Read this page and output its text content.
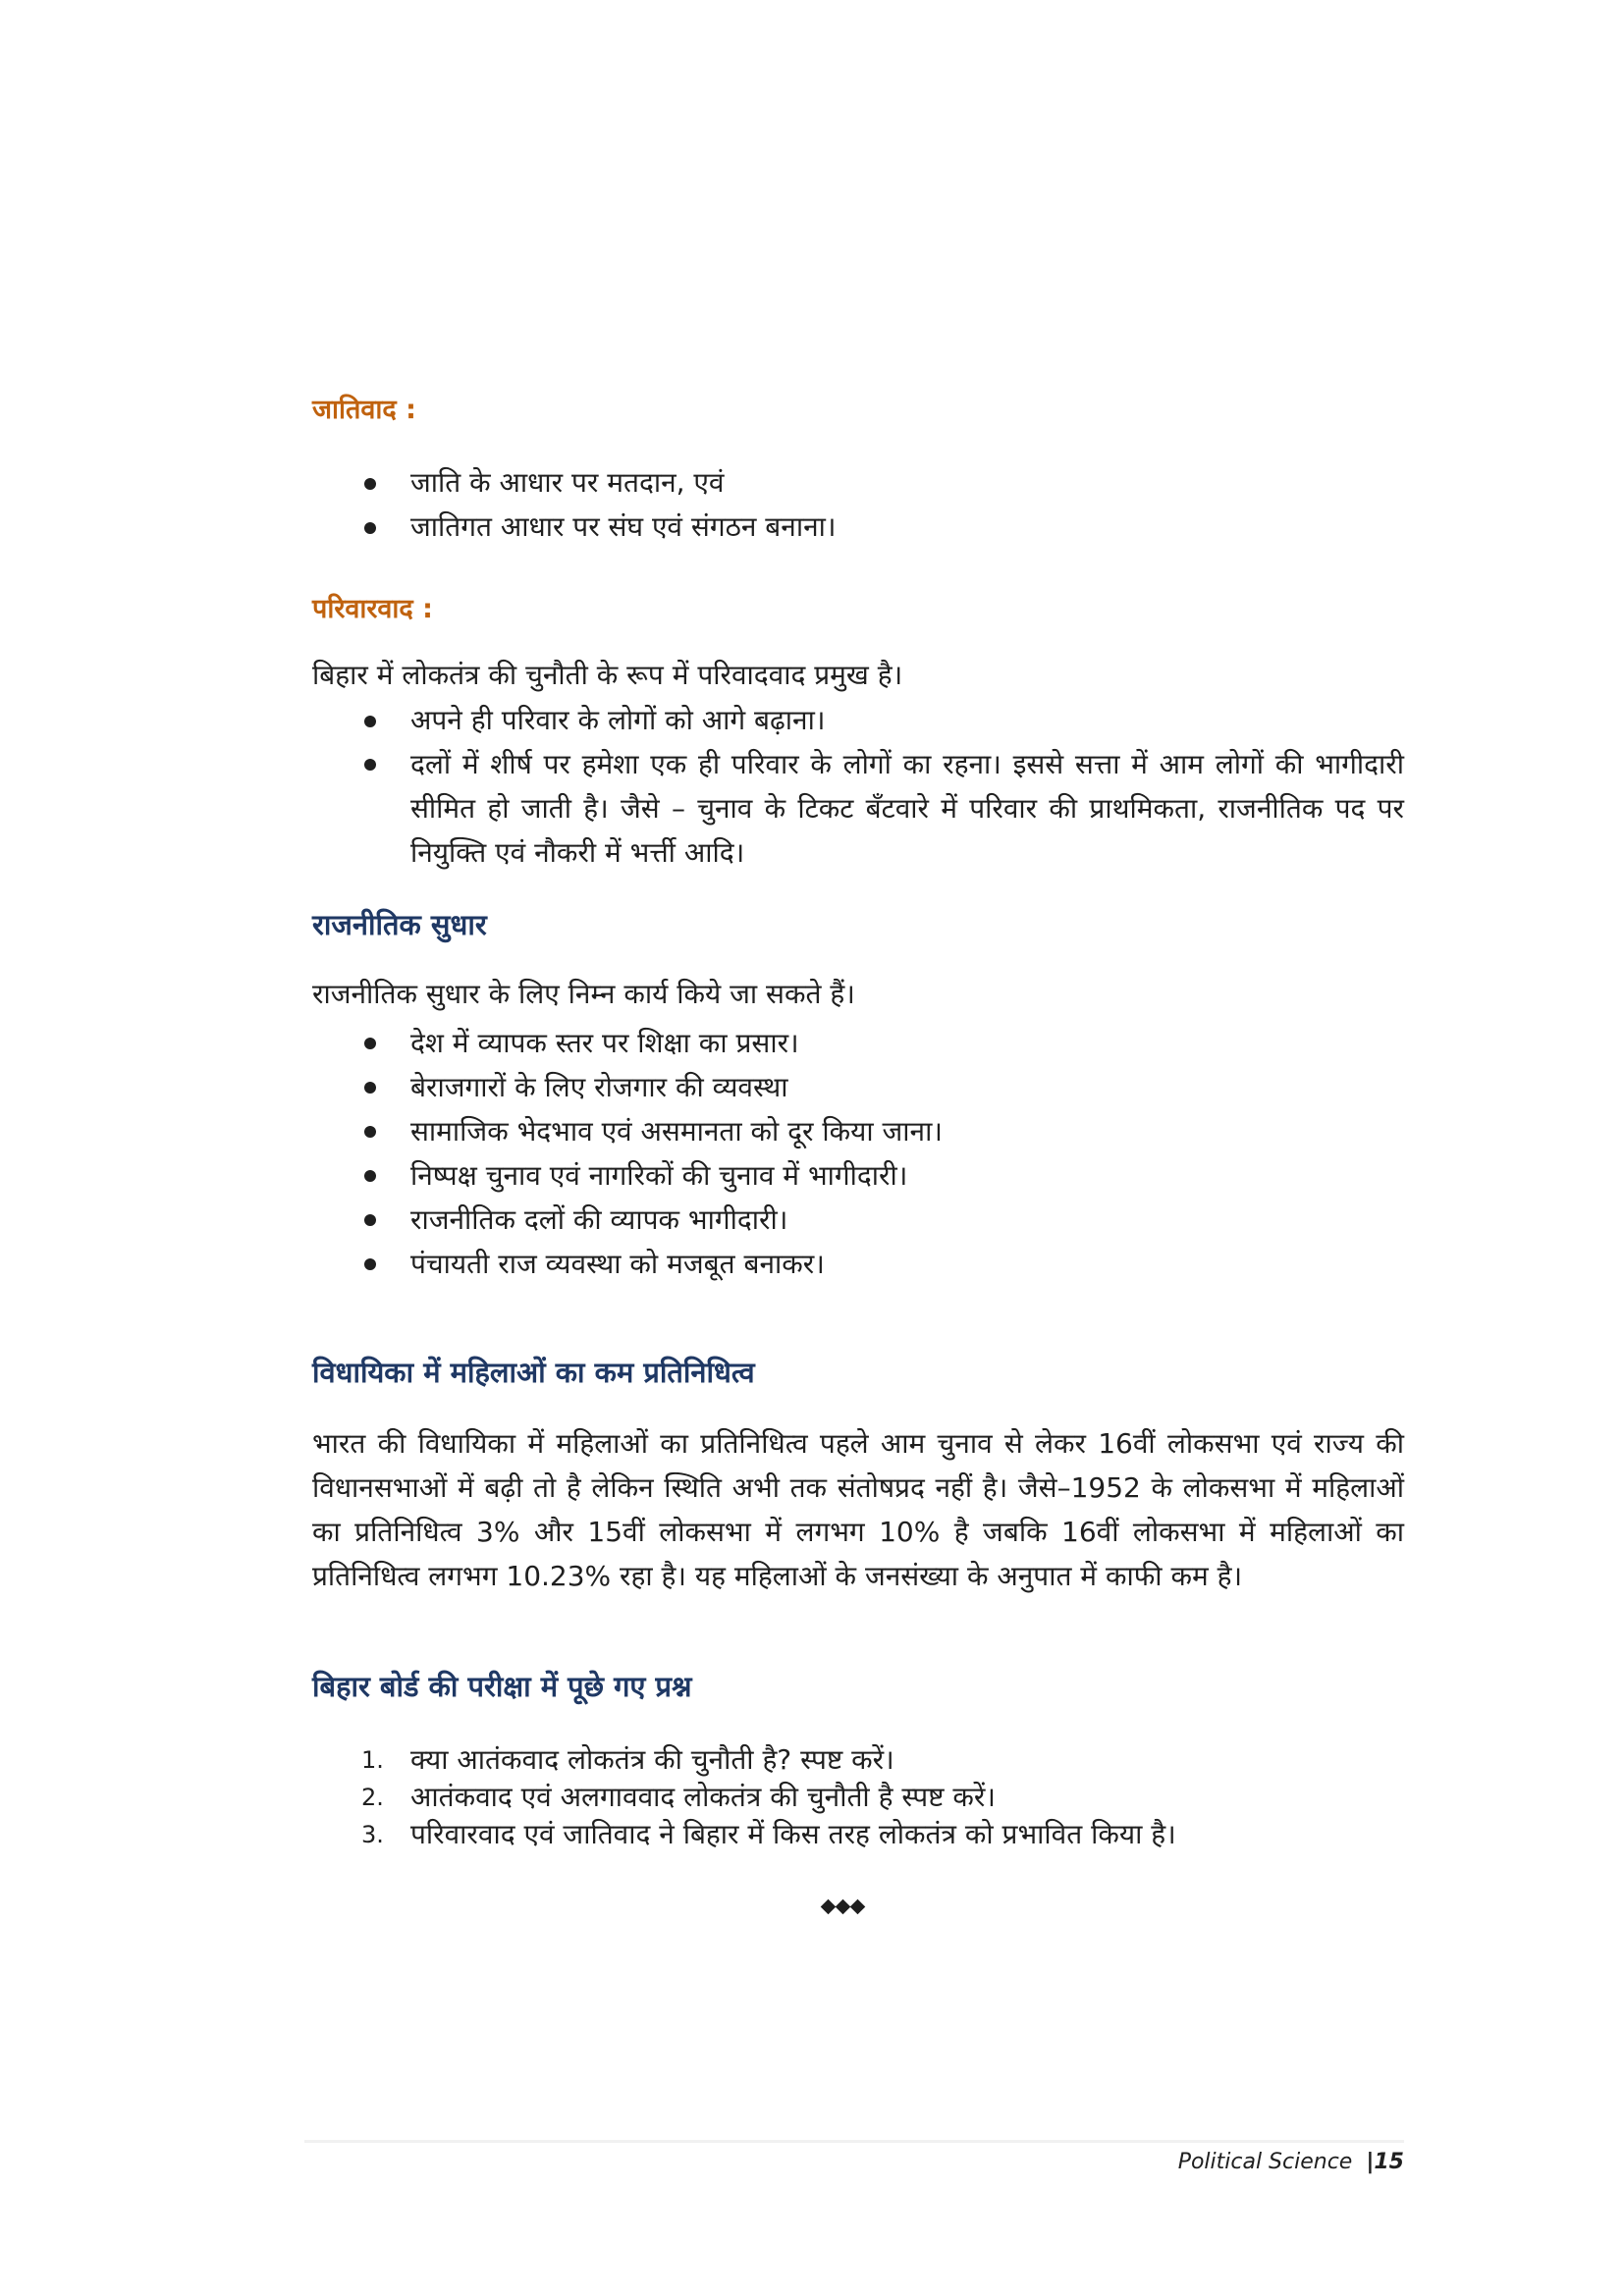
जातिवाद :
जाति के आधार पर मतदान, एवं
जातिगत आधार पर संघ एवं संगठन बनाना।
परिवारवाद :

बिहार में लोकतंत्र की चुनौती के रूप में परिवादवाद प्रमुख है।

अपने ही परिवार के लोगों को आगे बढ़ाना।
दलों में शीर्ष पर हमेशा एक ही परिवार के लोगों का रहना। इससे सत्ता में आम लोगों की भागीदारी सीमित हो जाती है। जैसे – चुनाव के टिकट बँटवारे में परिवार की प्राथमिकता, राजनीतिक पद पर नियुक्ति एवं नौकरी में भर्त्ती आदि।
राजनीतिक सुधार

राजनीतिक सुधार के लिए निम्न कार्य किये जा सकते हैं।

देश में व्यापक स्तर पर शिक्षा का प्रसार।
बेराजगारों के लिए रोजगार की व्यवस्था
सामाजिक भेदभाव एवं असमानता को दूर किया जाना।
निष्पक्ष चुनाव एवं नागरिकों की चुनाव में भागीदारी।
राजनीतिक दलों की व्यापक भागीदारी।
पंचायती राज व्यवस्था को मजबूत बनाकर।
विधायिका में महिलाओं का कम प्रतिनिधित्व

भारत की विधायिका में महिलाओं का प्रतिनिधित्व पहले आम चुनाव से लेकर 16वीं लोकसभा एवं राज्य की विधानसभाओं में बढ़ी तो है लेकिन स्थिति अभी तक संतोषप्रद नहीं है। जैसे–1952 के लोकसभा में महिलाओं का प्रतिनिधित्व 3% और 15वीं लोकसभा में लगभग 10% है जबकि 16वीं लोकसभा में महिलाओं का प्रतिनिधित्व लगभग 10.23% रहा है। यह महिलाओं के जनसंख्या के अनुपात में काफी कम है।

बिहार बोर्ड की परीक्षा में पूछे गए प्रश्न
1. क्या आतंकवाद लोकतंत्र की चुनौती है? स्पष्ट करें।
2. आतंकवाद एवं अलगाववाद लोकतंत्र की चुनौती है स्पष्ट करें।
3. परिवारवाद एवं जातिवाद ने बिहार में किस तरह लोकतंत्र को प्रभावित किया है।
Political Science |15
